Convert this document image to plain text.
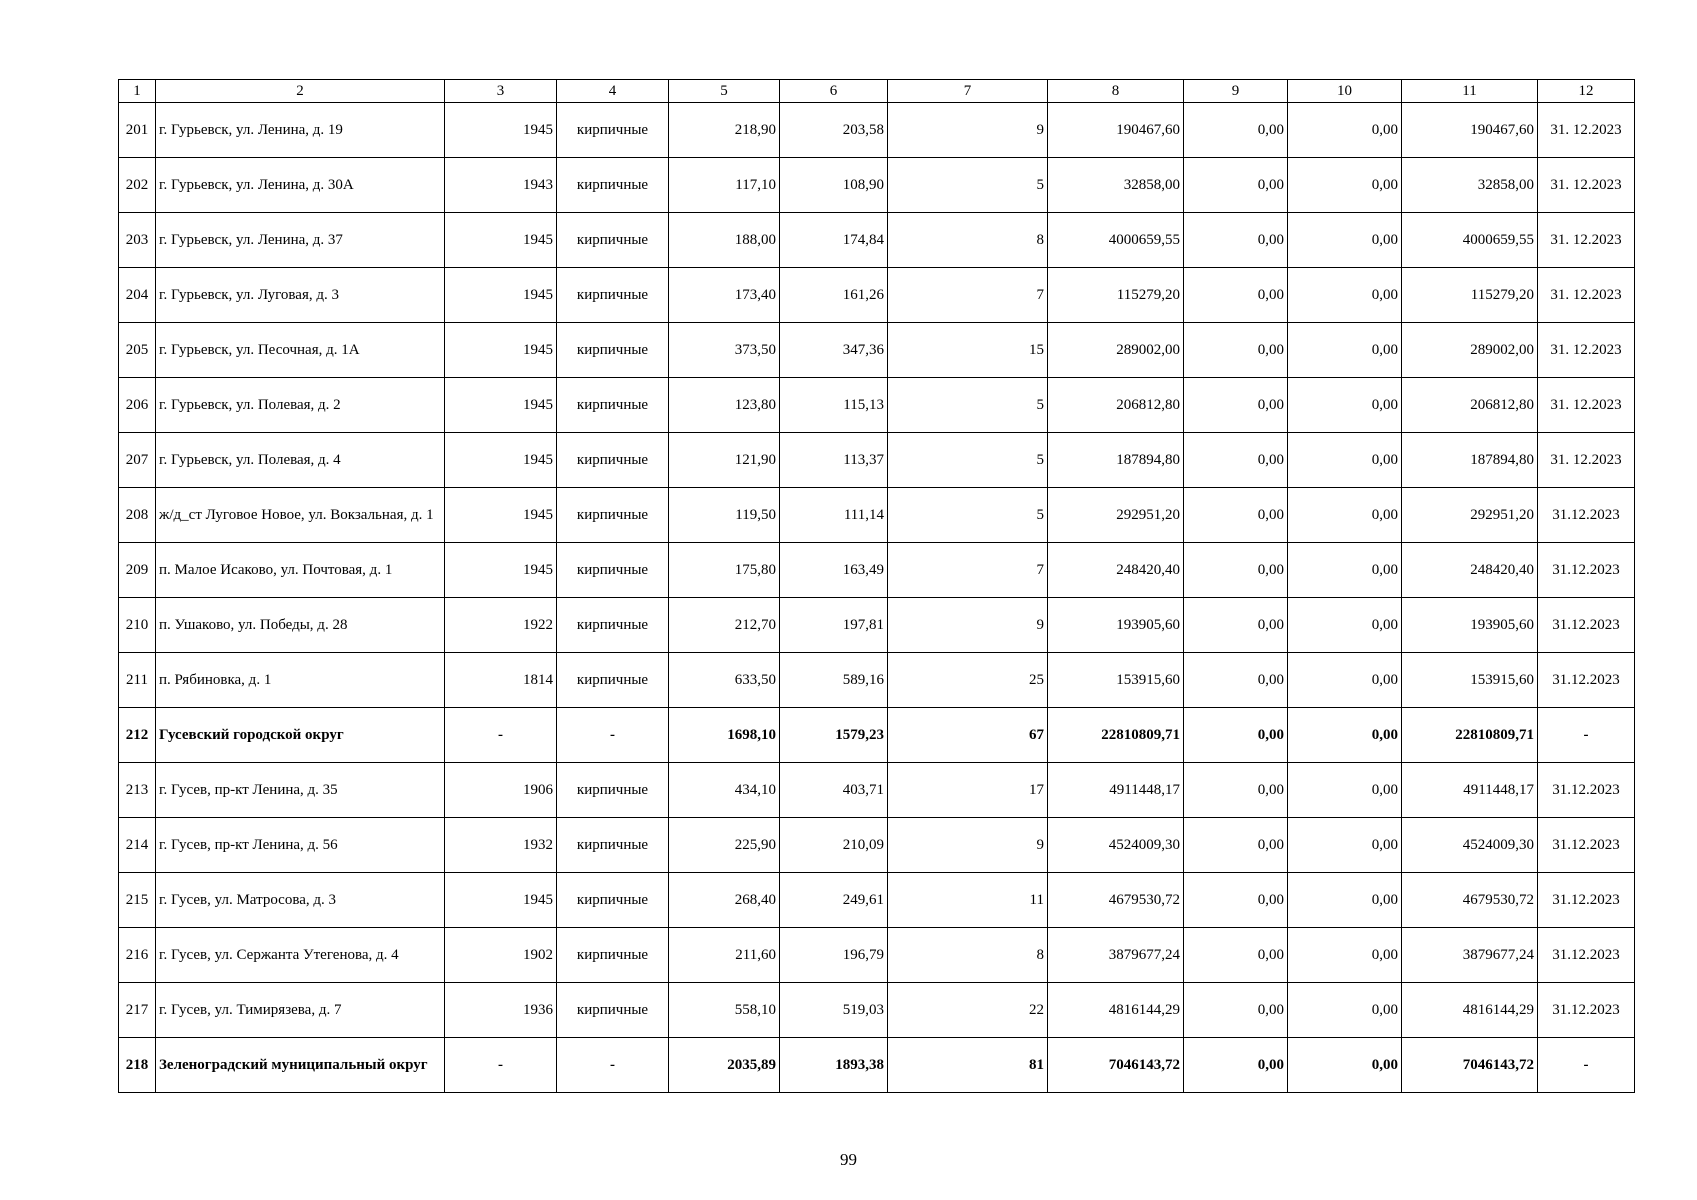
1	2	3	4	5	6	7	8	9	10	11	12
201	г. Гурьевск, ул. Ленина, д. 19	1945	кирпичные	218,90	203,58	9	190467,60	0,00	0,00	190467,60	31. 12.2023
202	г. Гурьевск, ул. Ленина, д. 30А	1943	кирпичные	117,10	108,90	5	32858,00	0,00	0,00	32858,00	31. 12.2023
203	г. Гурьевск, ул. Ленина, д. 37	1945	кирпичные	188,00	174,84	8	4000659,55	0,00	0,00	4000659,55	31. 12.2023
204	г. Гурьевск, ул. Луговая, д. 3	1945	кирпичные	173,40	161,26	7	115279,20	0,00	0,00	115279,20	31. 12.2023
205	г. Гурьевск, ул. Песочная, д. 1А	1945	кирпичные	373,50	347,36	15	289002,00	0,00	0,00	289002,00	31. 12.2023
206	г. Гурьевск, ул. Полевая, д. 2	1945	кирпичные	123,80	115,13	5	206812,80	0,00	0,00	206812,80	31. 12.2023
207	г. Гурьевск, ул. Полевая, д. 4	1945	кирпичные	121,90	113,37	5	187894,80	0,00	0,00	187894,80	31. 12.2023
208	ж/д_ст Луговое Новое, ул. Вокзальная, д. 1	1945	кирпичные	119,50	111,14	5	292951,20	0,00	0,00	292951,20	31.12.2023
209	п. Малое Исаково, ул. Почтовая, д. 1	1945	кирпичные	175,80	163,49	7	248420,40	0,00	0,00	248420,40	31.12.2023
210	п. Ушаково, ул. Победы, д. 28	1922	кирпичные	212,70	197,81	9	193905,60	0,00	0,00	193905,60	31.12.2023
211	п. Рябиновка, д. 1	1814	кирпичные	633,50	589,16	25	153915,60	0,00	0,00	153915,60	31.12.2023
212	Гусевский городской округ	-	-	1698,10	1579,23	67	22810809,71	0,00	0,00	22810809,71	-
213	г. Гусев, пр-кт Ленина, д. 35	1906	кирпичные	434,10	403,71	17	4911448,17	0,00	0,00	4911448,17	31.12.2023
214	г. Гусев, пр-кт Ленина, д. 56	1932	кирпичные	225,90	210,09	9	4524009,30	0,00	0,00	4524009,30	31.12.2023
215	г. Гусев, ул. Матросова, д. 3	1945	кирпичные	268,40	249,61	11	4679530,72	0,00	0,00	4679530,72	31.12.2023
216	г. Гусев, ул. Сержанта Утегенова, д. 4	1902	кирпичные	211,60	196,79	8	3879677,24	0,00	0,00	3879677,24	31.12.2023
217	г. Гусев, ул. Тимирязева, д. 7	1936	кирпичные	558,10	519,03	22	4816144,29	0,00	0,00	4816144,29	31.12.2023
218	Зеленоградский муниципальный округ	-	-	2035,89	1893,38	81	7046143,72	0,00	0,00	7046143,72	-
99
